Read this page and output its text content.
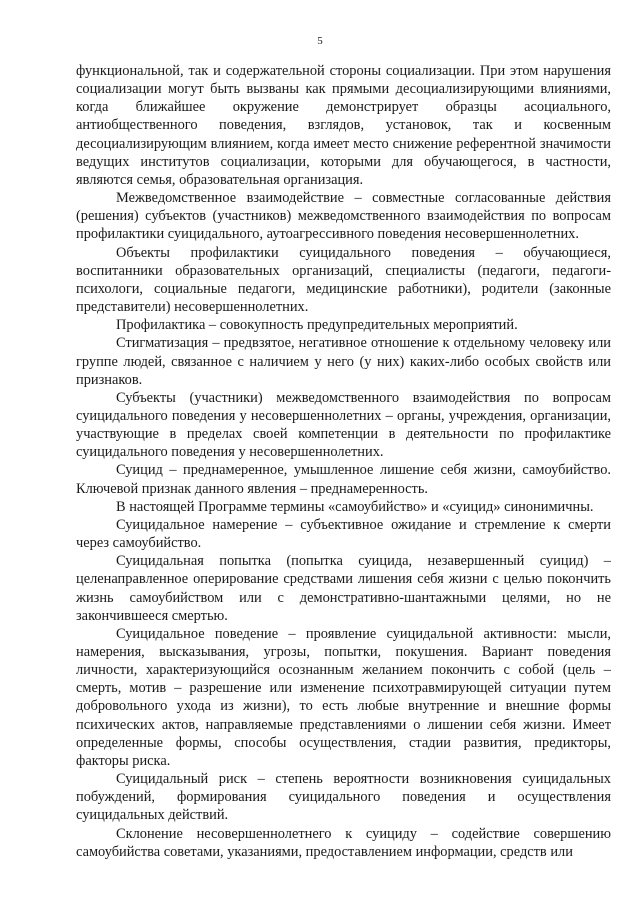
5

функциональной, так и содержательной стороны социализации. При этом нарушения социализации могут быть вызваны как прямыми десоциализирующими влияниями, когда ближайшее окружение демонстрирует образцы асоциального, антиобщественного поведения, взглядов, установок, так и косвенным десоциализирующим влиянием, когда имеет место снижение референтной значимости ведущих институтов социализации, которыми для обучающегося, в частности, являются семья, образовательная организация.

Межведомственное взаимодействие – совместные согласованные действия (решения) субъектов (участников) межведомственного взаимодействия по вопросам профилактики суицидального, аутоагрессивного поведения несовершеннолетних.

Объекты профилактики суицидального поведения – обучающиеся, воспитанники образовательных организаций, специалисты (педагоги, педагоги-психологи, социальные педагоги, медицинские работники), родители (законные представители) несовершеннолетних.

Профилактика – совокупность предупредительных мероприятий.

Стигматизация – предвзятое, негативное отношение к отдельному человеку или группе людей, связанное с наличием у него (у них) каких-либо особых свойств или признаков.

Субъекты (участники) межведомственного взаимодействия по вопросам суицидального поведения у несовершеннолетних – органы, учреждения, организации, участвующие в пределах своей компетенции в деятельности по профилактике суицидального поведения у несовершеннолетних.

Суицид – преднамеренное, умышленное лишение себя жизни, самоубийство. Ключевой признак данного явления – преднамеренность.

В настоящей Программе термины «самоубийство» и «суицид» синонимичны.

Суицидальное намерение – субъективное ожидание и стремление к смерти через самоубийство.

Суицидальная попытка (попытка суицида, незавершенный суицид) – целенаправленное оперирование средствами лишения себя жизни с целью покончить жизнь самоубийством или с демонстративно-шантажными целями, но не закончившееся смертью.

Суицидальное поведение – проявление суицидальной активности: мысли, намерения, высказывания, угрозы, попытки, покушения. Вариант поведения личности, характеризующийся осознанным желанием покончить с собой (цель – смерть, мотив – разрешение или изменение психотравмирующей ситуации путем добровольного ухода из жизни), то есть любые внутренние и внешние формы психических актов, направляемые представлениями о лишении себя жизни. Имеет определенные формы, способы осуществления, стадии развития, предикторы, факторы риска.

Суицидальный риск – степень вероятности возникновения суицидальных побуждений, формирования суицидального поведения и осуществления суицидальных действий.

Склонение несовершеннолетнего к суициду – содействие совершению самоубийства советами, указаниями, предоставлением информации, средств или
